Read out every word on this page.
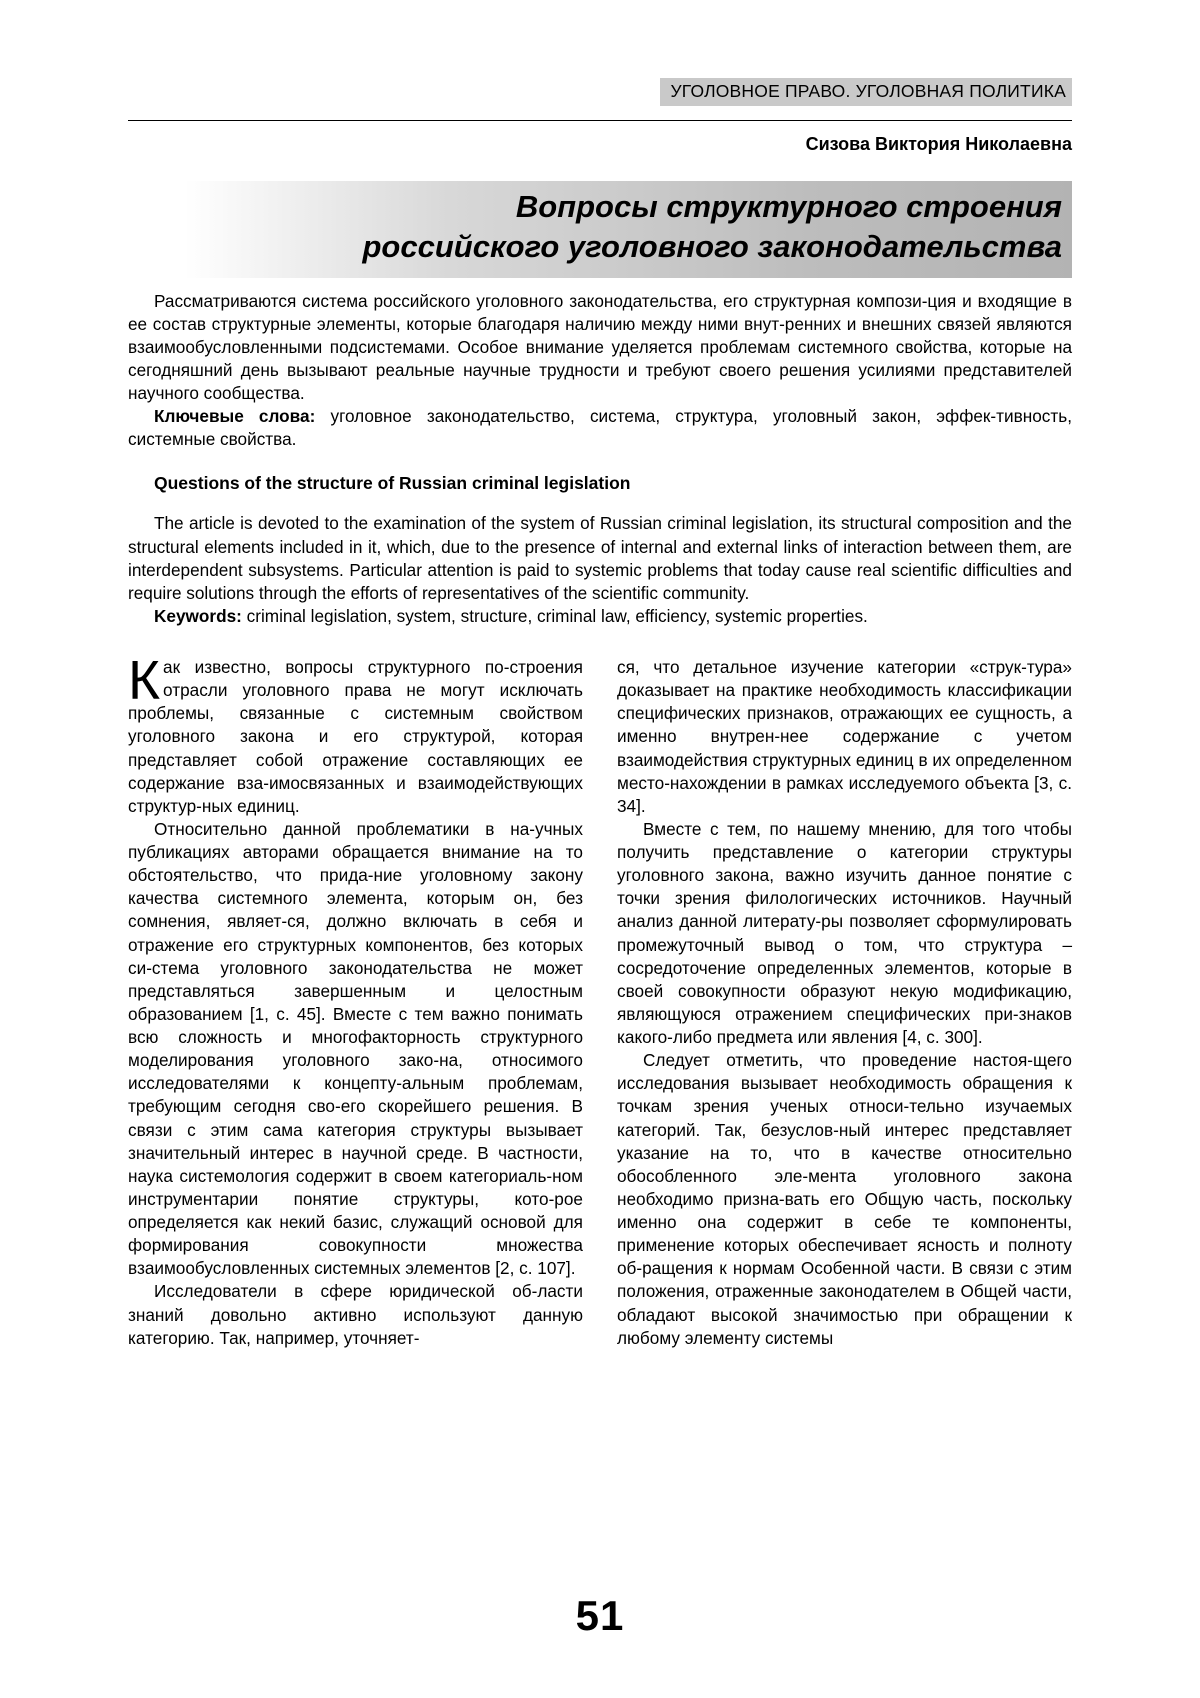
УГОЛОВНОЕ ПРАВО. УГОЛОВНАЯ ПОЛИТИКА
Сизова Виктория Николаевна
Вопросы структурного строения
российского уголовного законодательства

Рассматриваются система российского уголовного законодательства, его структурная компози-ция и входящие в ее состав структурные элементы, которые благодаря наличию между ними внут-ренних и внешних связей являются взаимообусловленными подсистемами. Особое внимание уделяется проблемам системного свойства, которые на сегодняшний день вызывают реальные научные трудности и требуют своего решения усилиями представителей научного сообщества.

Ключевые слова: уголовное законодательство, система, структура, уголовный закон, эффек-тивность, системные свойства.

Questions of the structure of Russian criminal legislation

The article is devoted to the examination of the system of Russian criminal legislation, its structural composition and the structural elements included in it, which, due to the presence of internal and external links of interaction between them, are interdependent subsystems. Particular attention is paid to systemic problems that today cause real scientific difficulties and require solutions through the efforts of representatives of the scientific community.

Keywords: criminal legislation, system, structure, criminal law, efficiency, systemic properties.

Как известно, вопросы структурного по-строения отрасли уголовного права не могут исключать проблемы, связанные с системным свойством уголовного закона и его структурой, которая представляет собой отражение составляющих ее содержание вза-имосвязанных и взаимодействующих структур-ных единиц.

Относительно данной проблематики в на-учных публикациях авторами обращается внимание на то обстоятельство, что прида-ние уголовному закону качества системного элемента, которым он, без сомнения, являет-ся, должно включать в себя и отражение его структурных компонентов, без которых си-стема уголовного законодательства не может представляться завершенным и целостным образованием [1, с. 45]. Вместе с тем важно понимать всю сложность и многофакторность структурного моделирования уголовного зако-на, относимого исследователями к концепту-альным проблемам, требующим сегодня сво-его скорейшего решения. В связи с этим сама категория структуры вызывает значительный интерес в научной среде. В частности, наука системология содержит в своем категориаль-ном инструментарии понятие структуры, кото-рое определяется как некий базис, служащий основой для формирования совокупности множества взаимообусловленных системных элементов [2, с. 107].

Исследователи в сфере юридической об-ласти знаний довольно активно используют данную категорию. Так, например, уточняет-

ся, что детальное изучение категории «струк-тура» доказывает на практике необходимость классификации специфических признаков, отражающих ее сущность, а именно внутрен-нее содержание с учетом взаимодействия структурных единиц в их определенном место-нахождении в рамках исследуемого объекта [3, с. 34].

Вместе с тем, по нашему мнению, для того чтобы получить представление о категории структуры уголовного закона, важно изучить данное понятие с точки зрения филологических источников. Научный анализ данной литерату-ры позволяет сформулировать промежуточный вывод о том, что структура – сосредоточение определенных элементов, которые в своей совокупности образуют некую модификацию, являющуюся отражением специфических при-знаков какого-либо предмета или явления [4, с. 300].

Следует отметить, что проведение настоя-щего исследования вызывает необходимость обращения к точкам зрения ученых относи-тельно изучаемых категорий. Так, безуслов-ный интерес представляет указание на то, что в качестве относительно обособленного эле-мента уголовного закона необходимо призна-вать его Общую часть, поскольку именно она содержит в себе те компоненты, применение которых обеспечивает ясность и полноту об-ращения к нормам Особенной части. В связи с этим положения, отраженные законодателем в Общей части, обладают высокой значимостью при обращении к любому элементу системы

51
